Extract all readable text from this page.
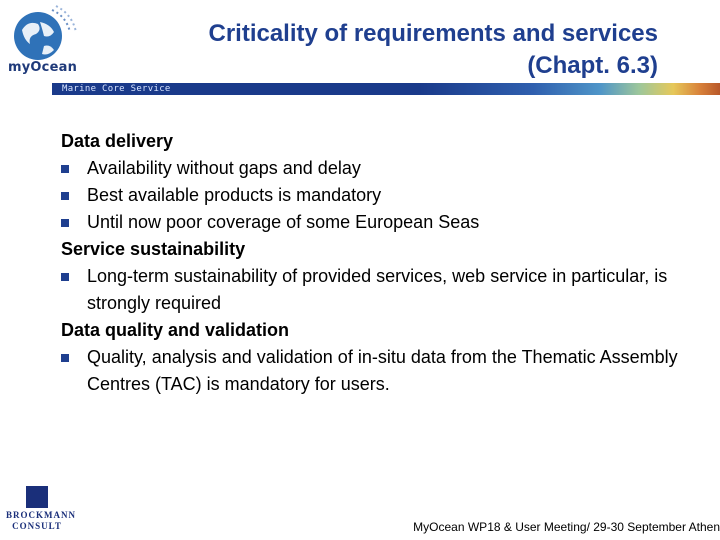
myOcean
Criticality of requirements and services
(Chapt. 6.3)
Marine Core Service
Data delivery
Availability without gaps and delay
Best available products is mandatory
Until now poor coverage of some European Seas
Service sustainability
Long-term sustainability of provided services, web service in particular, is strongly required
Data quality and validation
Quality, analysis and validation of in-situ data from the Thematic Assembly Centres (TAC) is mandatory for users.
BROCKMANN
CONSULT	MyOcean WP18 & User Meeting/ 29-30 September Athen
